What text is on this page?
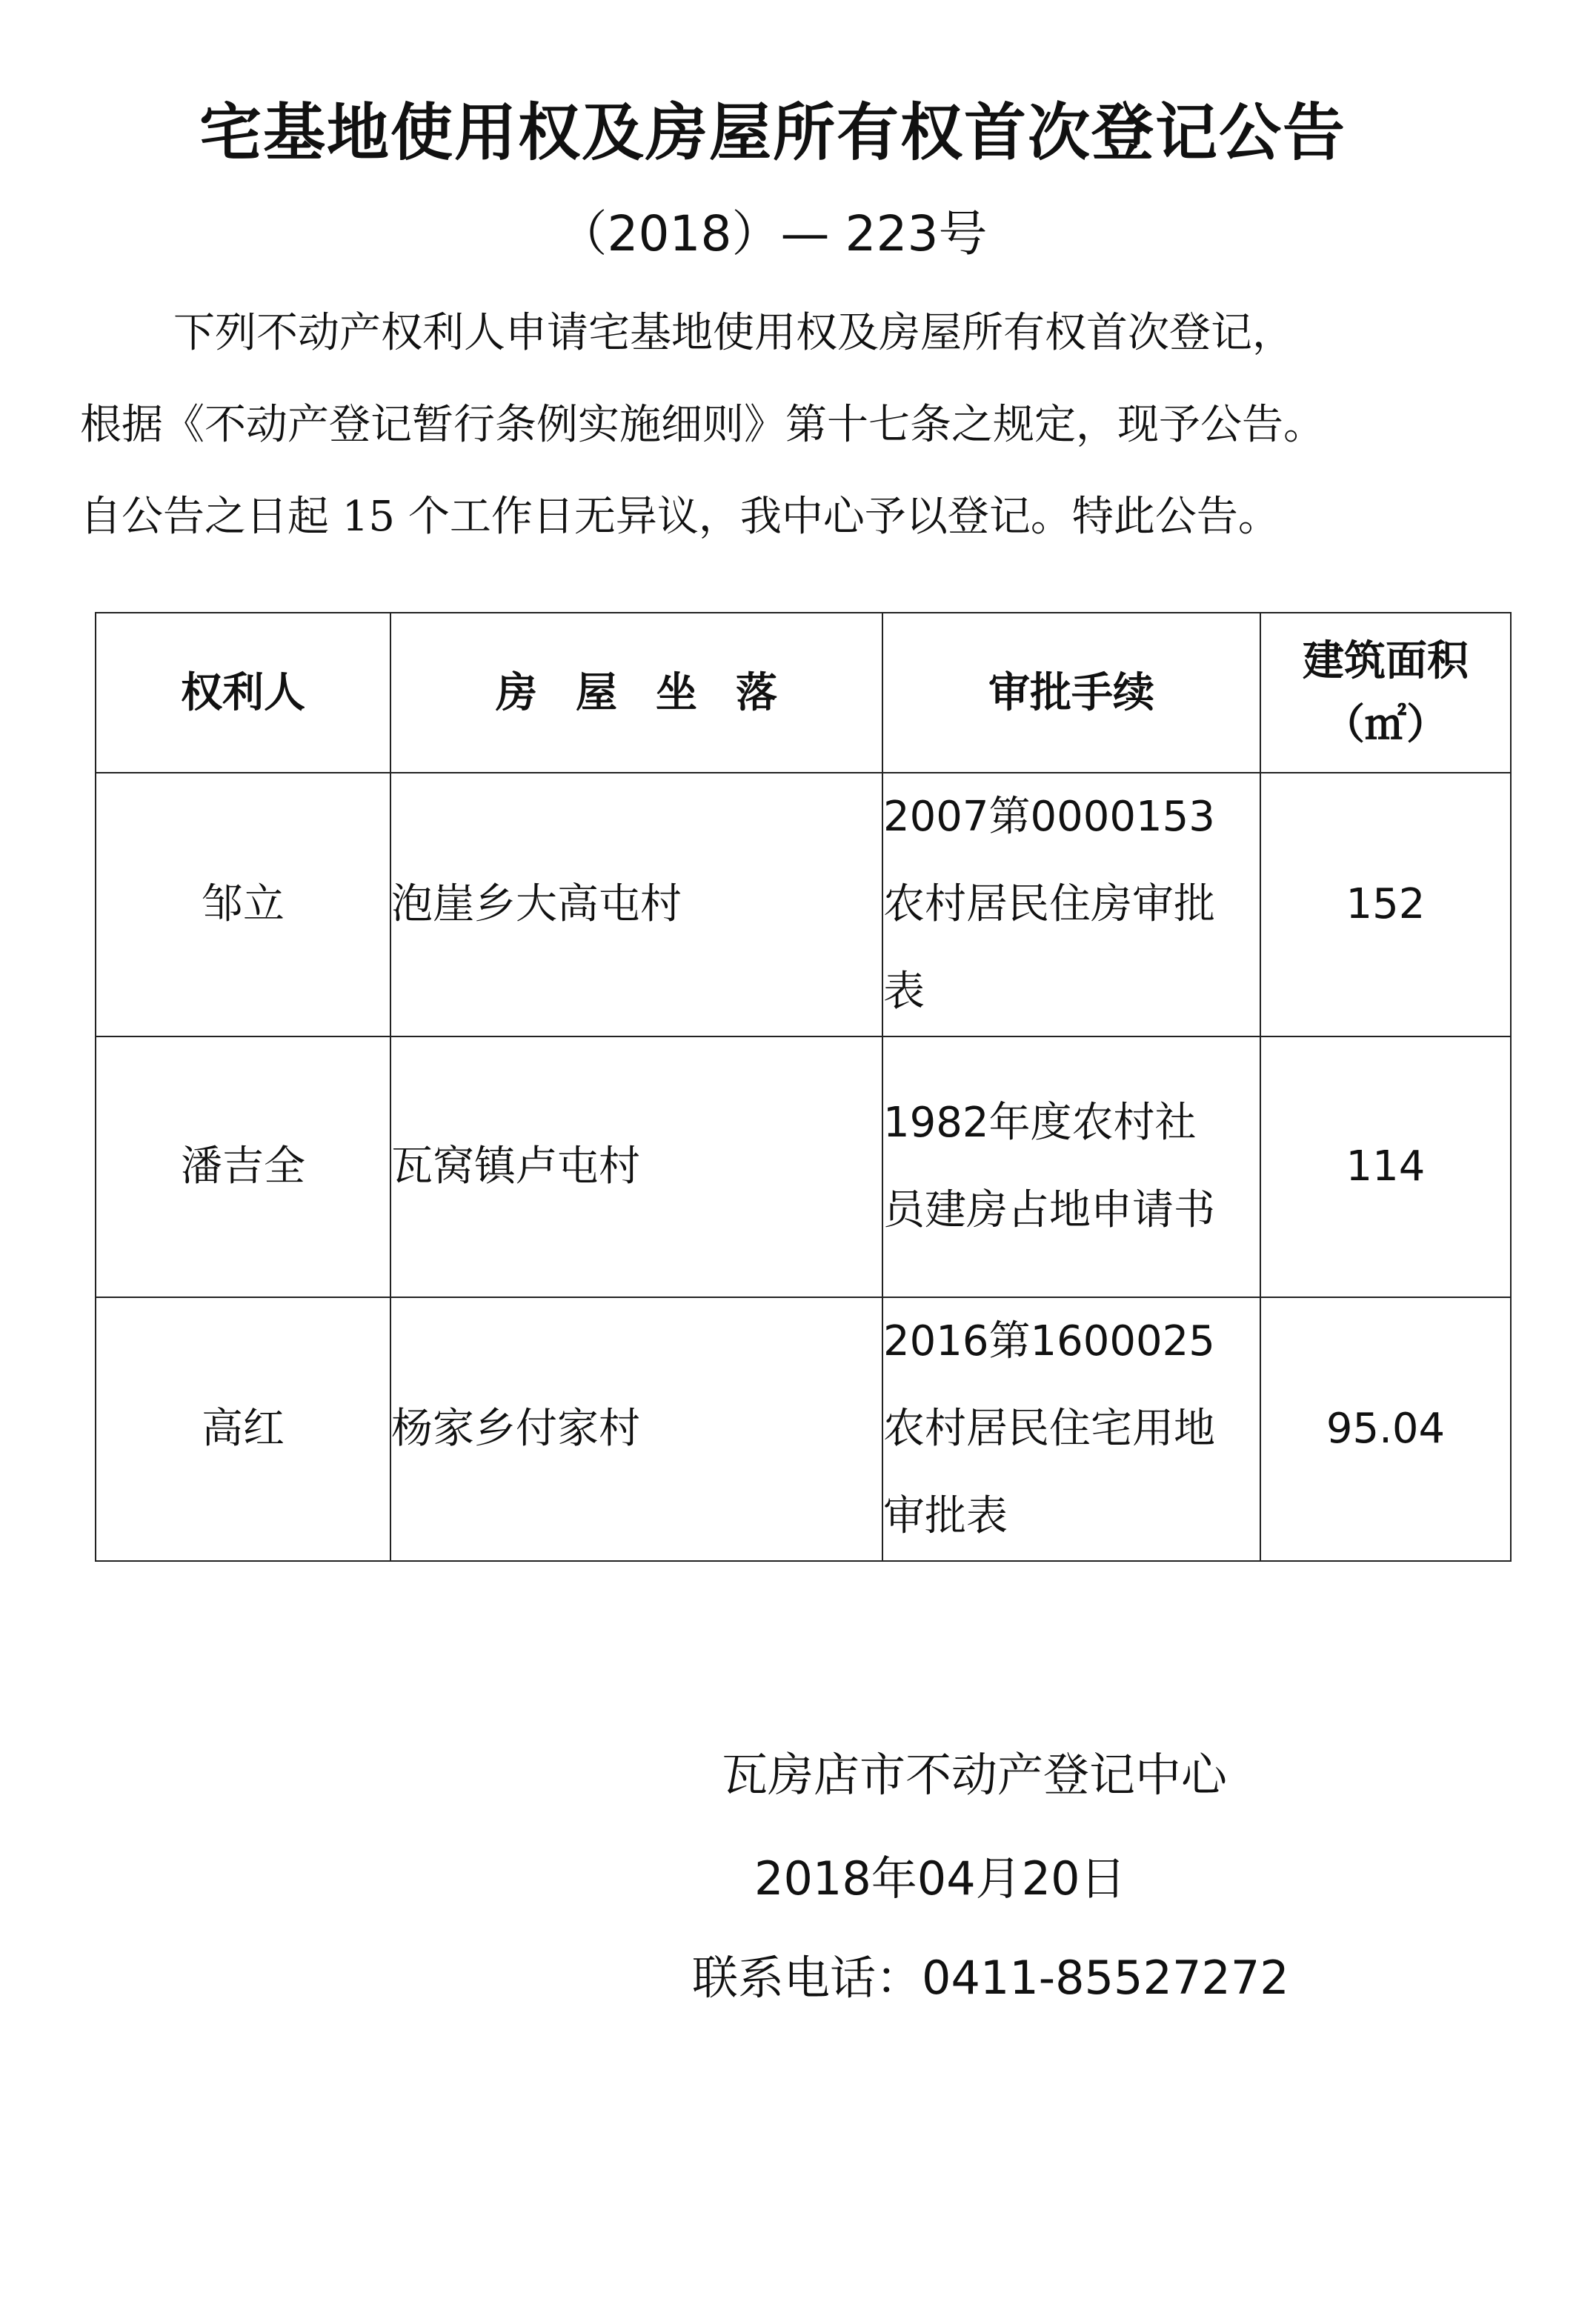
宅基地使用权及房屋所有权首次登记公告
（2018）— 223号

下列不动产权利人申请宅基地使用权及房屋所有权首次登记，

根据《不动产登记暂行条例实施细则》第十七条之规定，现予公告。

自公告之日起 15 个工作日无异议，我中心予以登记。特此公告。

权利人	房屋坐落	审批手续	建筑面积
（㎡）

邹立	泡崖乡大高屯村	2007第0000153农村居民住房审批表	152
潘吉全	瓦窝镇卢屯村	1982年度农村社员建房占地申请书	114
高红	杨家乡付家村	2016第1600025农村居民住宅用地审批表	95.04
瓦房店市不动产登记中心
2018年04月20日
联系电话：0411-85527272
